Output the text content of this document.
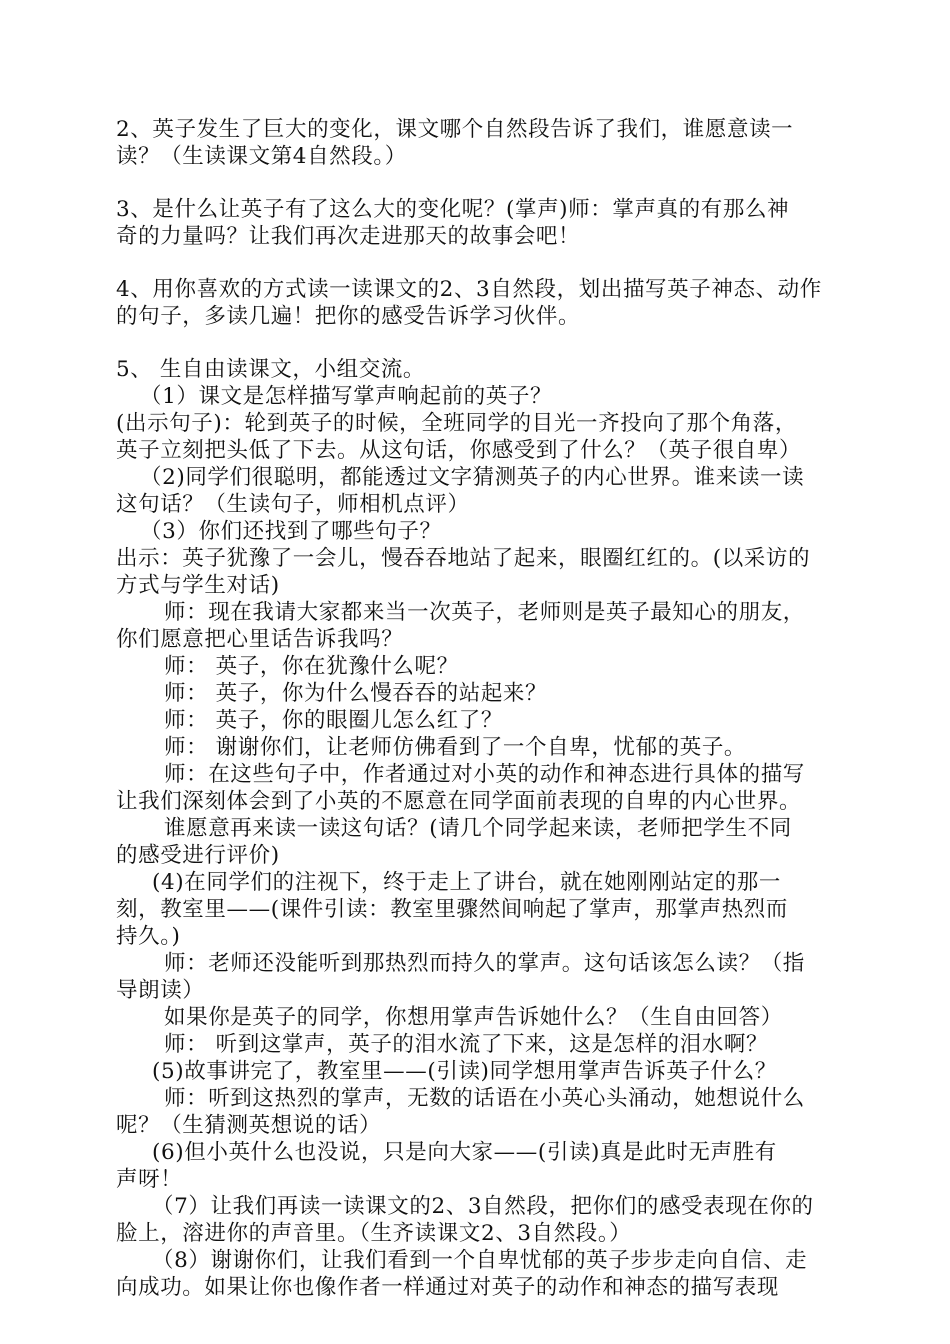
2、英子发生了巨大的变化，课文哪个自然段告诉了我们，谁愿意读一
读？（生读课文第4自然段。）
3、是什么让英子有了这么大的变化呢？(掌声)师：掌声真的有那么神
奇的力量吗？让我们再次走进那天的故事会吧！
4、用你喜欢的方式读一读课文的2、3自然段，划出描写英子神态、动作
的句子，多读几遍！把你的感受告诉学习伙伴。
5、 生自由读课文，小组交流。
（1）课文是怎样描写掌声响起前的英子？
(出示句子)：轮到英子的时候，全班同学的目光一齐投向了那个角落，
英子立刻把头低了下去。从这句话，你感受到了什么？（英子很自卑）
（2)同学们很聪明，都能透过文字猜测英子的内心世界。谁来读一读
这句话？（生读句子，师相机点评）
（3）你们还找到了哪些句子？
出示：英子犹豫了一会儿，慢吞吞地站了起来，眼圈红红的。(以采访的
方式与学生对话)
师：现在我请大家都来当一次英子，老师则是英子最知心的朋友，
你们愿意把心里话告诉我吗？
师： 英子，你在犹豫什么呢？
师： 英子，你为什么慢吞吞的站起来？
师： 英子，你的眼圈儿怎么红了？
师： 谢谢你们，让老师仿佛看到了一个自卑，忧郁的英子。
师：在这些句子中，作者通过对小英的动作和神态进行具体的描写
让我们深刻体会到了小英的不愿意在同学面前表现的自卑的内心世界。
谁愿意再来读一读这句话？(请几个同学起来读，老师把学生不同
的感受进行评价)
(4)在同学们的注视下，终于走上了讲台，就在她刚刚站定的那一
刻，教室里——(课件引读：教室里骤然间响起了掌声，那掌声热烈而
持久。)
师：老师还没能听到那热烈而持久的掌声。这句话该怎么读？（指
导朗读）
如果你是英子的同学，你想用掌声告诉她什么？（生自由回答）
师： 听到这掌声，英子的泪水流了下来，这是怎样的泪水啊？
(5)故事讲完了，教室里——(引读)同学想用掌声告诉英子什么？
师：听到这热烈的掌声，无数的话语在小英心头涌动，她想说什么
呢？（生猜测英想说的话）
(6)但小英什么也没说，只是向大家——(引读)真是此时无声胜有
声呀！
（7）让我们再读一读课文的2、3自然段，把你们的感受表现在你的
脸上，溶进你的声音里。（生齐读课文2、3自然段。）
（8）谢谢你们，让我们看到一个自卑忧郁的英子步步走向自信、走
向成功。如果让你也像作者一样通过对英子的动作和神态的描写表现
